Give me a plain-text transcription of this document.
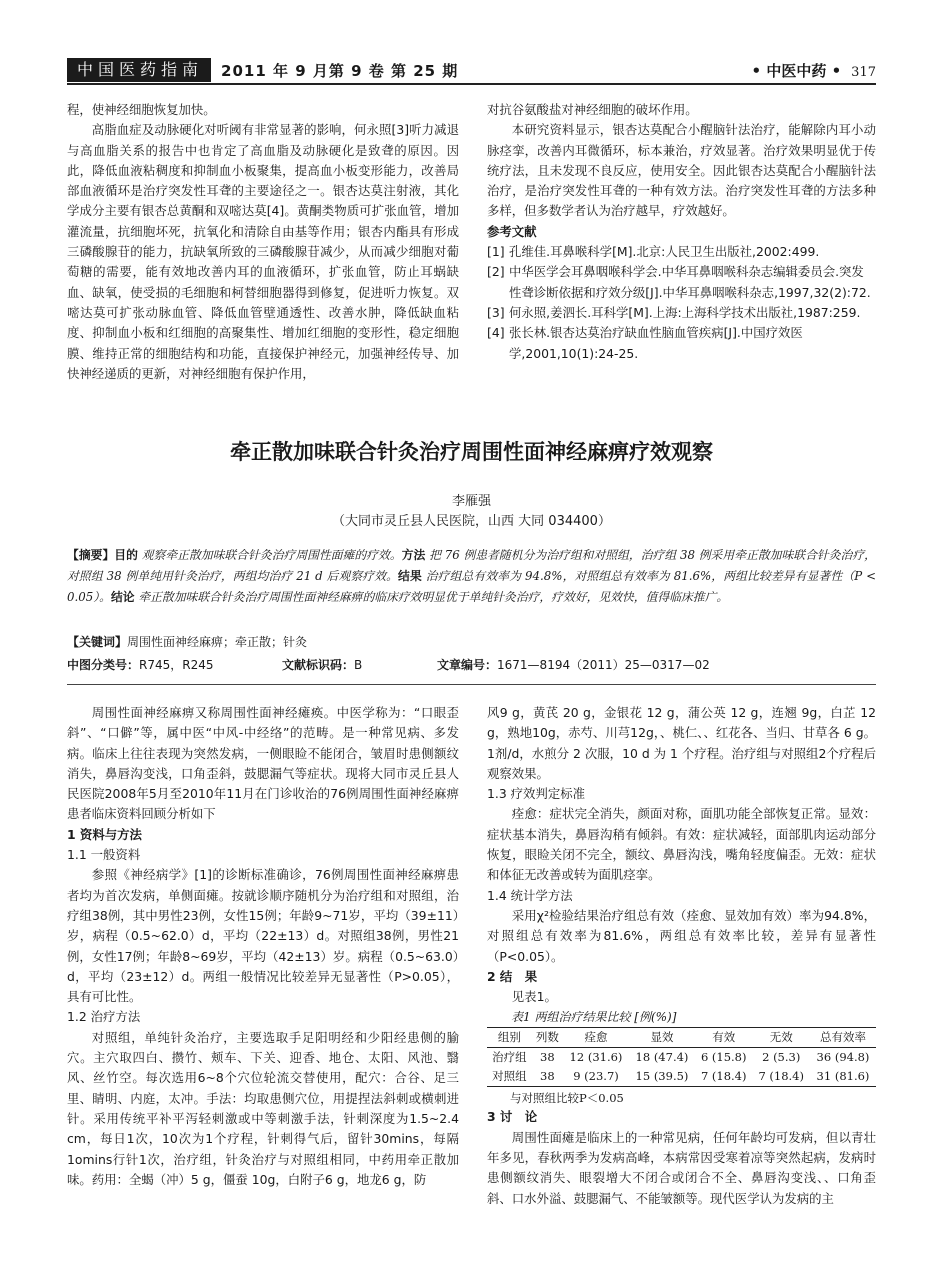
中国医药指南	2011 年 9 月第 9 卷 第 25 期	• 中医中药 • 317

程，使神经细胞恢复加快。

高脂血症及动脉硬化对听阈有非常显著的影响，何永照[3]听力减退与高血脂关系的报告中也肯定了高血脂及动脉硬化是致聋的原因。因此，降低血液粘稠度和抑制血小板聚集，提高血小板变形能力，改善局部血液循环是治疗突发性耳聋的主要途径之一。银杏达莫注射液，其化学成分主要有银杏总黄酮和双嘧达莫[4]。黄酮类物质可扩张血管，增加灌流量，抗细胞坏死，抗氧化和清除自由基等作用；银杏内酯具有形成三磷酸腺苷的能力，抗缺氧所致的三磷酸腺苷减少，从而减少细胞对葡萄糖的需要，能有效地改善内耳的血液循环，扩张血管，防止耳蜗缺血、缺氧，使受损的毛细胞和柯替细胞器得到修复，促进听力恢复。双嘧达莫可扩张动脉血管、降低血管壁通透性、改善水肿，降低缺血粘度、抑制血小板和红细胞的高聚集性、增加红细胞的变形性，稳定细胞膜、维持正常的细胞结构和功能，直接保护神经元，加强神经传导、加快神经递质的更新，对神经细胞有保护作用，

对抗谷氨酸盐对神经细胞的破坏作用。

本研究资料显示，银杏达莫配合小醒脑针法治疗，能解除内耳小动脉痉挛，改善内耳微循环，标本兼治，疗效显著。治疗效果明显优于传统疗法，且未发现不良反应，使用安全。因此银杏达莫配合小醒脑针法治疗，是治疗突发性耳聋的一种有效方法。治疗突发性耳聋的方法多种多样，但多数学者认为治疗越早，疗效越好。

参考文献

[1] 孔维佳.耳鼻喉科学[M].北京:人民卫生出版社,2002:499.
[2] 中华医学会耳鼻咽喉科学会.中华耳鼻咽喉科杂志编辑委员会.突发性聋诊断依据和疗效分级[J].中华耳鼻咽喉科杂志,1997,32(2):72.
[3] 何永照,姜泗长.耳科学[M].上海:上海科学技术出版社,1987:259.
[4] 张长林.银杏达莫治疗缺血性脑血管疾病[J].中国疗效医学,2001,10(1):24-25.
牵正散加味联合针灸治疗周围性面神经麻痹疗效观察
李雁强
（大同市灵丘县人民医院，山西 大同 034400）
【摘要】目的 观察牵正散加味联合针灸治疗周围性面瘫的疗效。方法 把 76 例患者随机分为治疗组和对照组，治疗组 38 例采用牵正散加味联合针灸治疗，对照组 38 例单纯用针灸治疗，两组均治疗 21 d 后观察疗效。结果 治疗组总有效率为 94.8%，对照组总有效率为 81.6%，两组比较差异有显著性（P < 0.05）。结论 牵正散加味联合针灸治疗周围性面神经麻痹的临床疗效明显优于单纯针灸治疗，疗效好，见效快，值得临床推广。
【关键词】周围性面神经麻痹；牵正散；针灸
中图分类号：R745，R245	文献标识码：B	文章编号：1671—8194（2011）25—0317—02

周围性面神经麻痹又称周围性面神经瘫痪。中医学称为：“口眼歪斜”、“口僻”等，属中医“中风-中经络”的范畴。是一种常见病、多发病。临床上往往表现为突然发病，一侧眼睑不能闭合，皱眉时患侧额纹消失，鼻唇沟变浅，口角歪斜，鼓腮漏气等症状。现将大同市灵丘县人民医院2008年5月至2010年11月在门诊收治的76例周围性面神经麻痹患者临床资料回顾分析如下

1 资料与方法

1.1 一般资料

参照《神经病学》[1]的诊断标准确诊，76例周围性面神经麻痹患者均为首次发病，单侧面瘫。按就诊顺序随机分为治疗组和对照组，治疗组38例，其中男性23例，女性15例；年龄9~71岁，平均（39±11）岁，病程（0.5~62.0）d，平均（22±13）d。对照组38例，男性21例，女性17例；年龄8~69岁，平均（42±13）岁。病程（0.5~63.0）d，平均（23±12）d。两组一般情况比较差异无显著性（P>0.05），具有可比性。

1.2 治疗方法

对照组，单纯针灸治疗，主要选取手足阳明经和少阳经患侧的腧穴。主穴取四白、攒竹、颊车、下关、迎香、地仓、太阳、风池、翳风、丝竹空。每次选用6~8个穴位轮流交替使用，配穴：合谷、足三里、睛明、内庭，太冲。手法：均取患侧穴位，用提捏法斜刺或横刺进针。采用传统平补平泻轻刺激或中等刺激手法，针刺深度为1.5~2.4 cm，每日1次，10次为1个疗程，针刺得气后，留针30mins，每隔1omins行针1次，治疗组，针灸治疗与对照组相同，中药用牵正散加味。药用：全蝎（冲）5 g，僵蚕 10g，白附子6 g，地龙6 g，防

风9 g，黄芪 20 g，金银花 12 g，蒲公英 12 g，连翘 9g，白芷 12 g，熟地10g，赤芍、川芎12g，、桃仁、、红花各、当归、甘草各 6 g。1剂/d，水煎分 2 次服，10 d 为 1 个疗程。治疗组与对照组2个疗程后观察效果。

1.3 疗效判定标准

痊愈：症状完全消失，颜面对称，面肌功能全部恢复正常。显效：症状基本消失，鼻唇沟稍有倾斜。有效：症状减轻，面部肌肉运动部分恢复，眼睑关闭不完全，额纹、鼻唇沟浅，嘴角轻度偏歪。无效：症状和体征无改善或转为面肌痉挛。

1.4 统计学方法

采用χ²检验结果治疗组总有效（痊愈、显效加有效）率为94.8%，对照组总有效率为81.6%，两组总有效率比较，差异有显著性（P<0.05）。

2 结　果

见表1。

表1 两组治疗结果比较 [例(%)]

组别	列数	痊愈	显效	有效	无效	总有效率
治疗组	38	12 (31.6)	18 (47.4)	6 (15.8)	2 (5.3)	36 (94.8)
对照组	38	9 (23.7)	15 (39.5)	7 (18.4)	7 (18.4)	31 (81.6)

与对照组比较P＜0.05

3 讨　论

周围性面瘫是临床上的一种常见病，任何年龄均可发病，但以青壮年多见，春秋两季为发病高峰，本病常因受寒着凉等突然起病，发病时患侧额纹消失、眼裂增大不闭合或闭合不全、鼻唇沟变浅、、口角歪斜、口水外溢、鼓腮漏气、不能皱额等。现代医学认为发病的主
